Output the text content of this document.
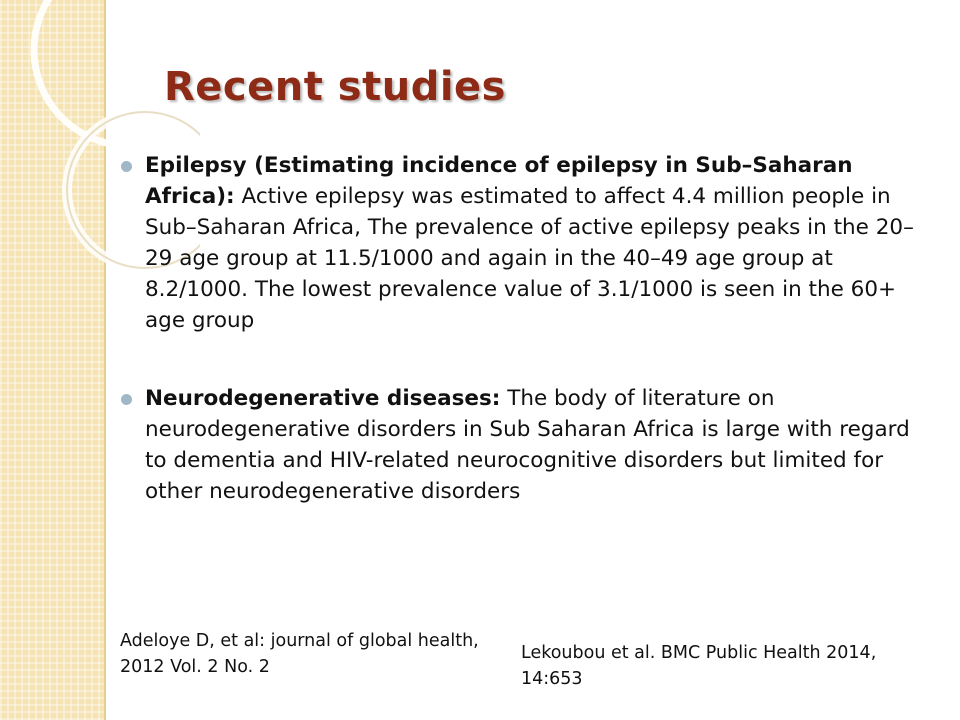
Recent studies
Epilepsy (Estimating incidence of epilepsy in Sub–Saharan Africa): Active epilepsy was estimated to affect 4.4 million people in Sub–Saharan Africa, The prevalence of active epilepsy peaks in the 20–29 age group at 11.5/1000 and again in the 40–49 age group at 8.2/1000. The lowest prevalence value of 3.1/1000 is seen in the 60+ age group
Neurodegenerative diseases: The body of literature on neurodegenerative disorders in Sub Saharan Africa is large with regard to dementia and HIV-related neurocognitive disorders but limited for other neurodegenerative disorders
Adeloye D, et al: journal of global health, 2012 Vol. 2 No. 2
Lekoubou et al. BMC Public Health 2014, 14:653
